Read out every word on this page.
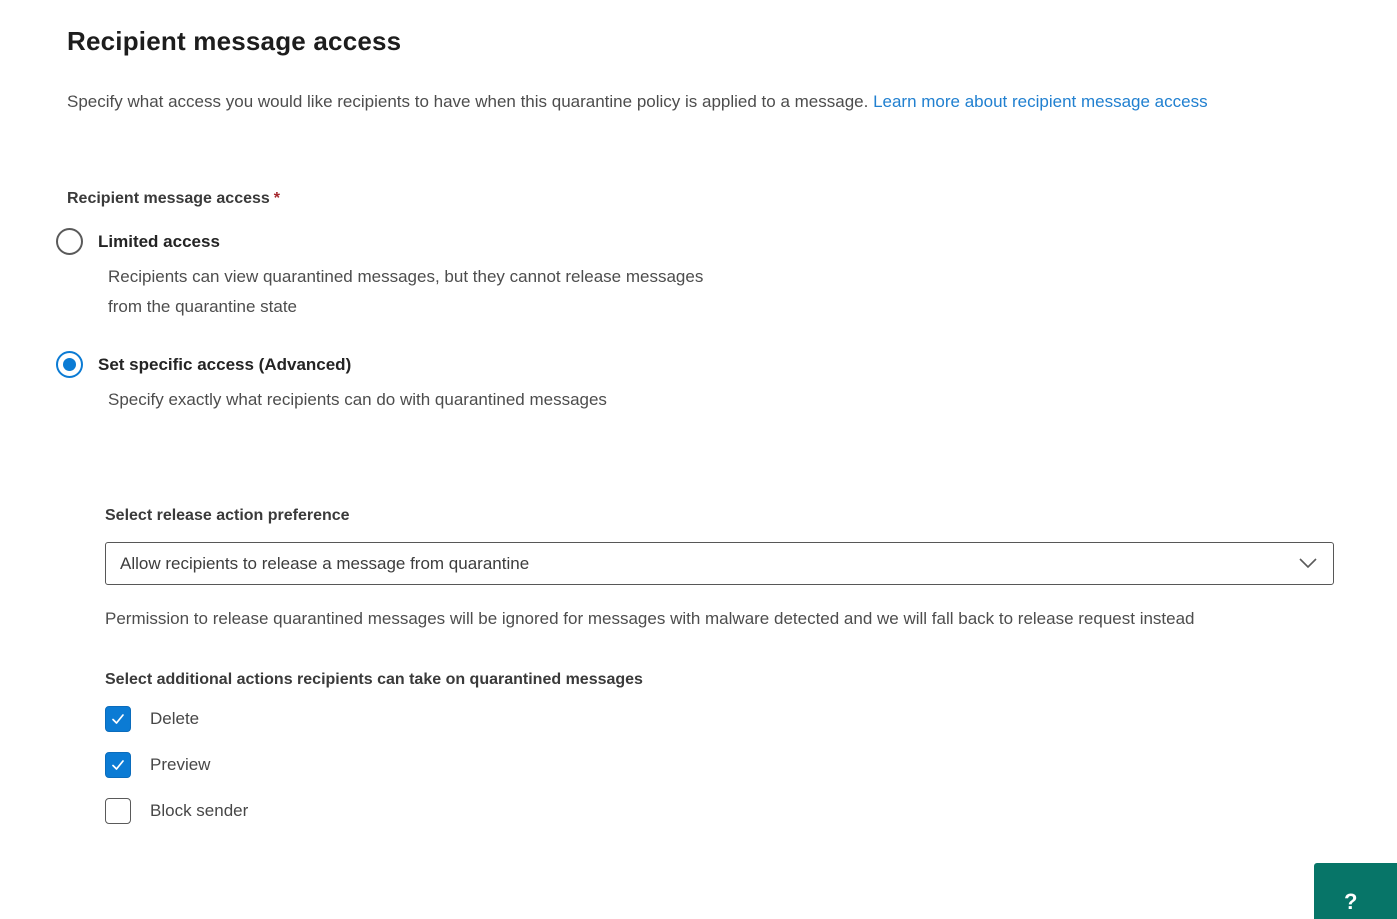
Recipient message access

Specify what access you would like recipients to have when this quarantine policy is applied to a message. Learn more about recipient message access

Recipient message access *
Limited access
Recipients can view quarantined messages, but they cannot release messages
from the quarantine state
Set specific access (Advanced)
Specify exactly what recipients can do with quarantined messages
Select release action preference
Allow recipients to release a message from quarantine

Permission to release quarantined messages will be ignored for messages with malware detected and we will fall back to release request instead

Select additional actions recipients can take on quarantined messages
Delete
Preview
Block sender
?
